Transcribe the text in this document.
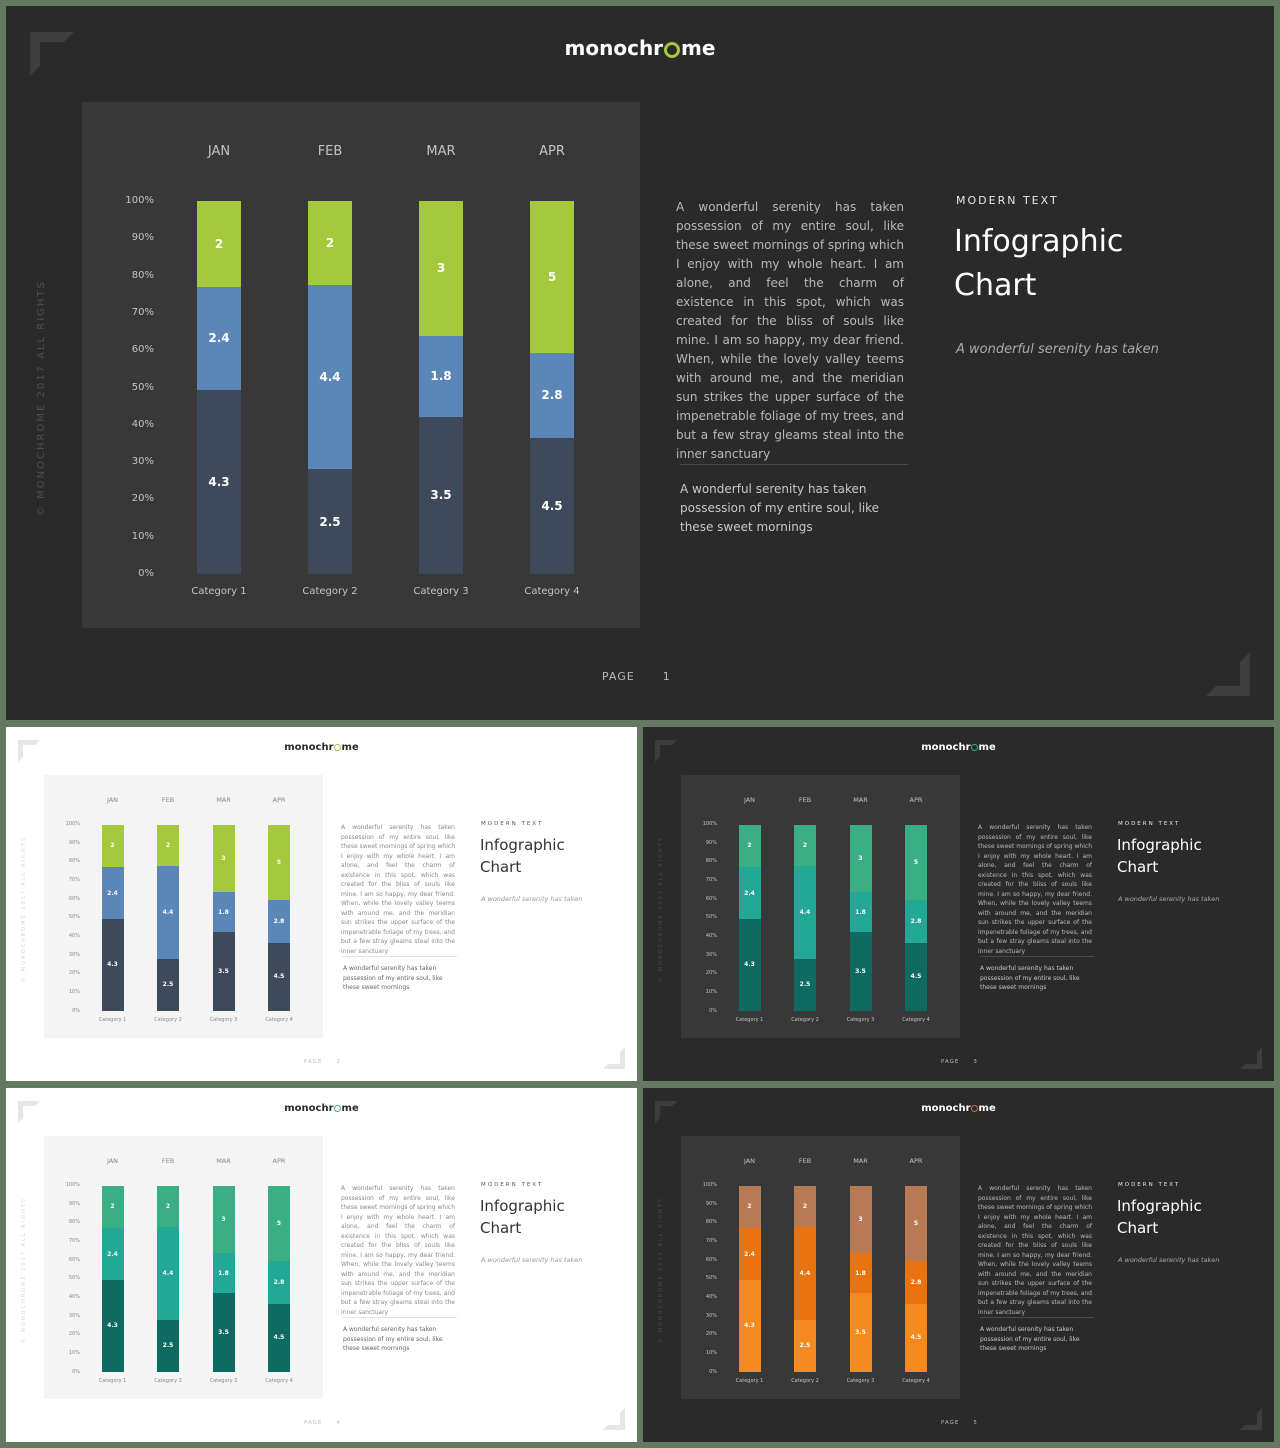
monochr me
© MONOCHROME 2017 ALL RIGHTS
JAN	FEB	MAR	APR
0%
10%
20%
30%
40%
50%
60%
70%
80%
90%
100%
4.3
2.4
2
Category 1
2.5
4.4
2
Category 2
3.5
1.8
3
Category 3
4.5
2.8
5
Category 4
A wonderful serenity has taken possession of my entire soul, like these sweet mornings of spring which I enjoy with my whole heart. I am alone, and feel the charm of existence in this spot, which was created for the bliss of souls like mine. I am so happy, my dear friend. When, while the lovely valley teems with around me, and the meridian sun strikes the upper surface of the impenetrable foliage of my trees, and but a few stray gleams steal into the inner sanctuary
A wonderful serenity has taken possession of my entire soul, like these sweet mornings
MODERN TEXT
Infographic
Chart
A wonderful serenity has taken
PAGE	1
monochr me
© MONOCHROME 2017 ALL RIGHTS
JAN	FEB	MAR	APR
0%
10%
20%
30%
40%
50%
60%
70%
80%
90%
100%
4.3
2.4
2
Category 1
2.5
4.4
2
Category 2
3.5
1.8
3
Category 3
4.5
2.8
5
Category 4
A wonderful serenity has taken possession of my entire soul, like these sweet mornings of spring which I enjoy with my whole heart. I am alone, and feel the charm of existence in this spot, which was created for the bliss of souls like mine. I am so happy, my dear friend. When, while the lovely valley teems with around me, and the meridian sun strikes the upper surface of the impenetrable foliage of my trees, and but a few stray gleams steal into the inner sanctuary
A wonderful serenity has taken possession of my entire soul, like these sweet mornings
MODERN TEXT
Infographic
Chart
A wonderful serenity has taken
PAGE	2
monochr me
© MONOCHROME 2017 ALL RIGHTS
JAN	FEB	MAR	APR
0%
10%
20%
30%
40%
50%
60%
70%
80%
90%
100%
4.3
2.4
2
Category 1
2.5
4.4
2
Category 2
3.5
1.8
3
Category 3
4.5
2.8
5
Category 4
A wonderful serenity has taken possession of my entire soul, like these sweet mornings of spring which I enjoy with my whole heart. I am alone, and feel the charm of existence in this spot, which was created for the bliss of souls like mine. I am so happy, my dear friend. When, while the lovely valley teems with around me, and the meridian sun strikes the upper surface of the impenetrable foliage of my trees, and but a few stray gleams steal into the inner sanctuary
A wonderful serenity has taken possession of my entire soul, like these sweet mornings
MODERN TEXT
Infographic
Chart
A wonderful serenity has taken
PAGE	3
monochr me
© MONOCHROME 2017 ALL RIGHTS
JAN	FEB	MAR	APR
0%
10%
20%
30%
40%
50%
60%
70%
80%
90%
100%
4.3
2.4
2
Category 1
2.5
4.4
2
Category 2
3.5
1.8
3
Category 3
4.5
2.8
5
Category 4
A wonderful serenity has taken possession of my entire soul, like these sweet mornings of spring which I enjoy with my whole heart. I am alone, and feel the charm of existence in this spot, which was created for the bliss of souls like mine. I am so happy, my dear friend. When, while the lovely valley teems with around me, and the meridian sun strikes the upper surface of the impenetrable foliage of my trees, and but a few stray gleams steal into the inner sanctuary
A wonderful serenity has taken possession of my entire soul, like these sweet mornings
MODERN TEXT
Infographic
Chart
A wonderful serenity has taken
PAGE	4
monochr me
© MONOCHROME 2017 ALL RIGHTS
JAN	FEB	MAR	APR
0%
10%
20%
30%
40%
50%
60%
70%
80%
90%
100%
4.3
2.4
2
Category 1
2.5
4.4
2
Category 2
3.5
1.8
3
Category 3
4.5
2.8
5
Category 4
A wonderful serenity has taken possession of my entire soul, like these sweet mornings of spring which I enjoy with my whole heart. I am alone, and feel the charm of existence in this spot, which was created for the bliss of souls like mine. I am so happy, my dear friend. When, while the lovely valley teems with around me, and the meridian sun strikes the upper surface of the impenetrable foliage of my trees, and but a few stray gleams steal into the inner sanctuary
A wonderful serenity has taken possession of my entire soul, like these sweet mornings
MODERN TEXT
Infographic
Chart
A wonderful serenity has taken
PAGE	5
